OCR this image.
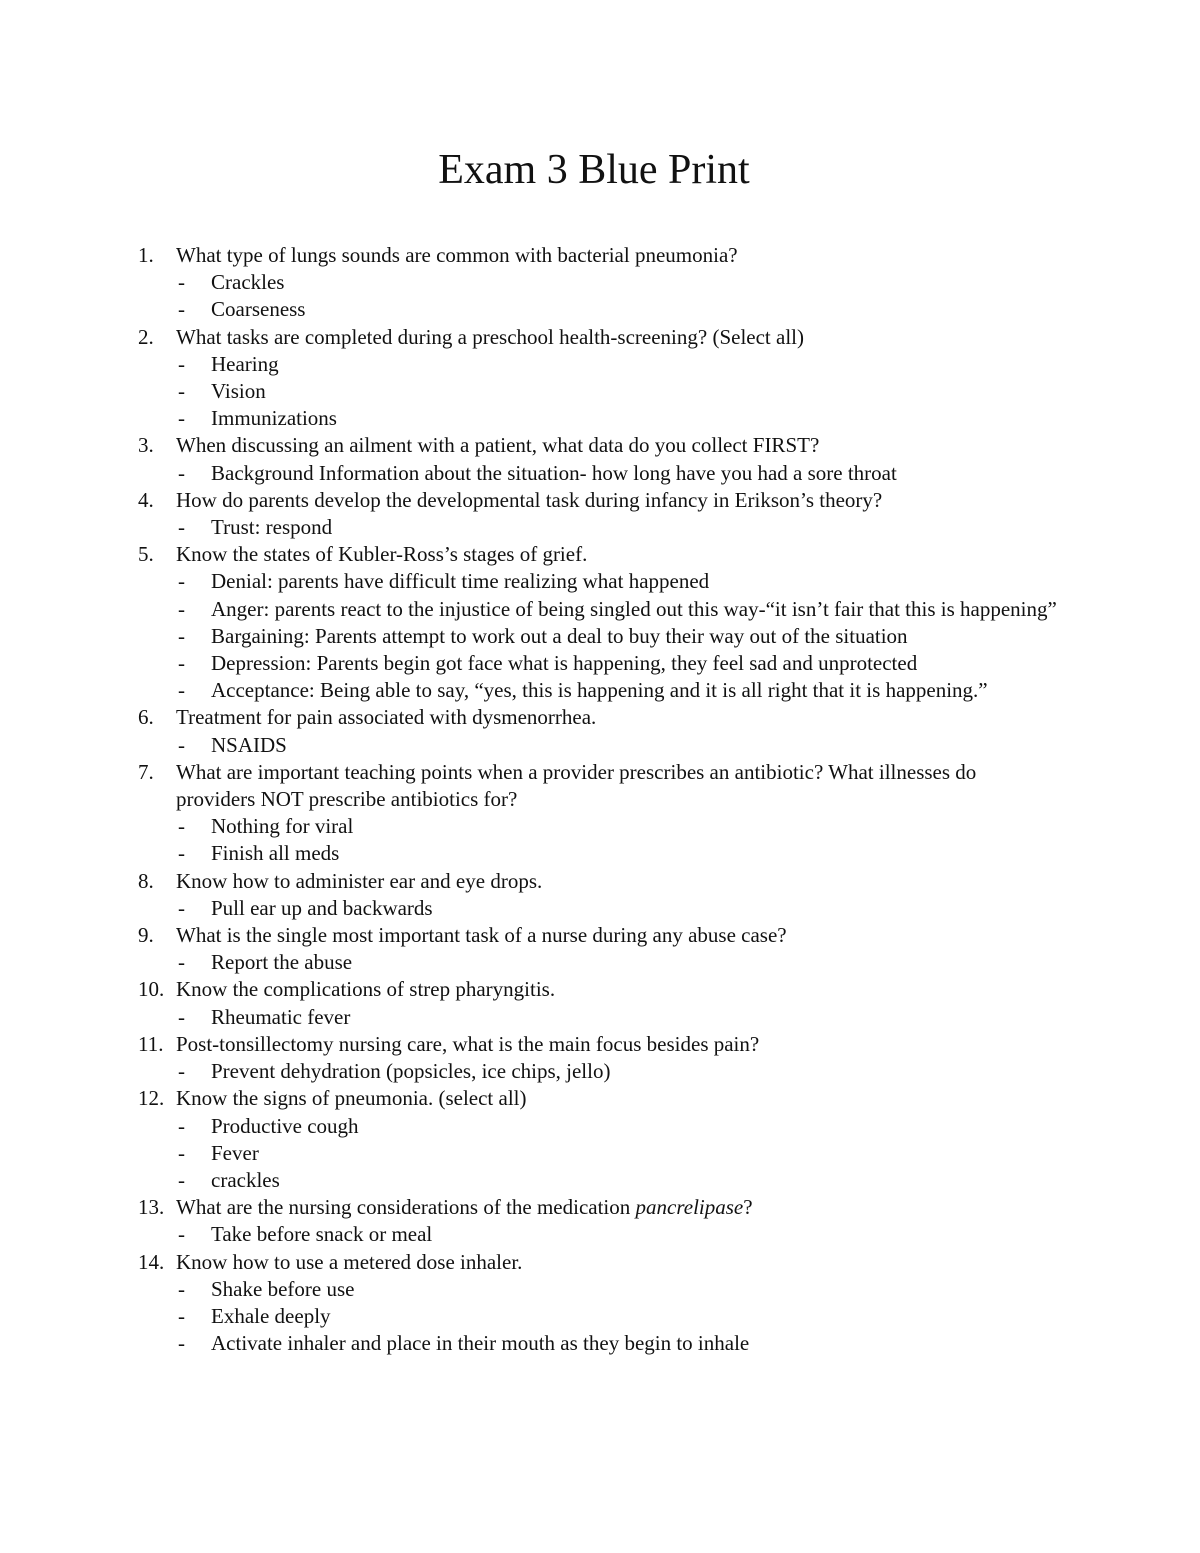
Exam 3 Blue Print
1.	What type of lungs sounds are common with bacterial pneumonia?
- Crackles
- Coarseness
2.	What tasks are completed during a preschool health-screening? (Select all)
- Hearing
- Vision
- Immunizations
3.	When discussing an ailment with a patient, what data do you collect FIRST?
- Background Information about the situation- how long have you had a sore throat
4.	How do parents develop the developmental task during infancy in Erikson’s theory?
- Trust: respond
5.	Know the states of Kubler-Ross’s stages of grief.
- Denial: parents have difficult time realizing what happened
- Anger: parents react to the injustice of being singled out this way-“it isn’t fair that this is happening”
- Bargaining: Parents attempt to work out a deal to buy their way out of the situation
- Depression: Parents begin got face what is happening, they feel sad and unprotected
- Acceptance: Being able to say, “yes, this is happening and it is all right that it is happening.”
6.	Treatment for pain associated with dysmenorrhea.
- NSAIDS
7.	What are important teaching points when a provider prescribes an antibiotic? What illnesses do providers NOT prescribe antibiotics for?
- Nothing for viral
- Finish all meds
8.	Know how to administer ear and eye drops.
- Pull ear up and backwards
9.	What is the single most important task of a nurse during any abuse case?
- Report the abuse
10. Know the complications of strep pharyngitis.
- Rheumatic fever
11. Post-tonsillectomy nursing care, what is the main focus besides pain?
- Prevent dehydration (popsicles, ice chips, jello)
12. Know the signs of pneumonia. (select all)
- Productive cough
- Fever
- crackles
13. What are the nursing considerations of the medication pancrelipase?
- Take before snack or meal
14. Know how to use a metered dose inhaler.
- Shake before use
- Exhale deeply
- Activate inhaler and place in their mouth as they begin to inhale
